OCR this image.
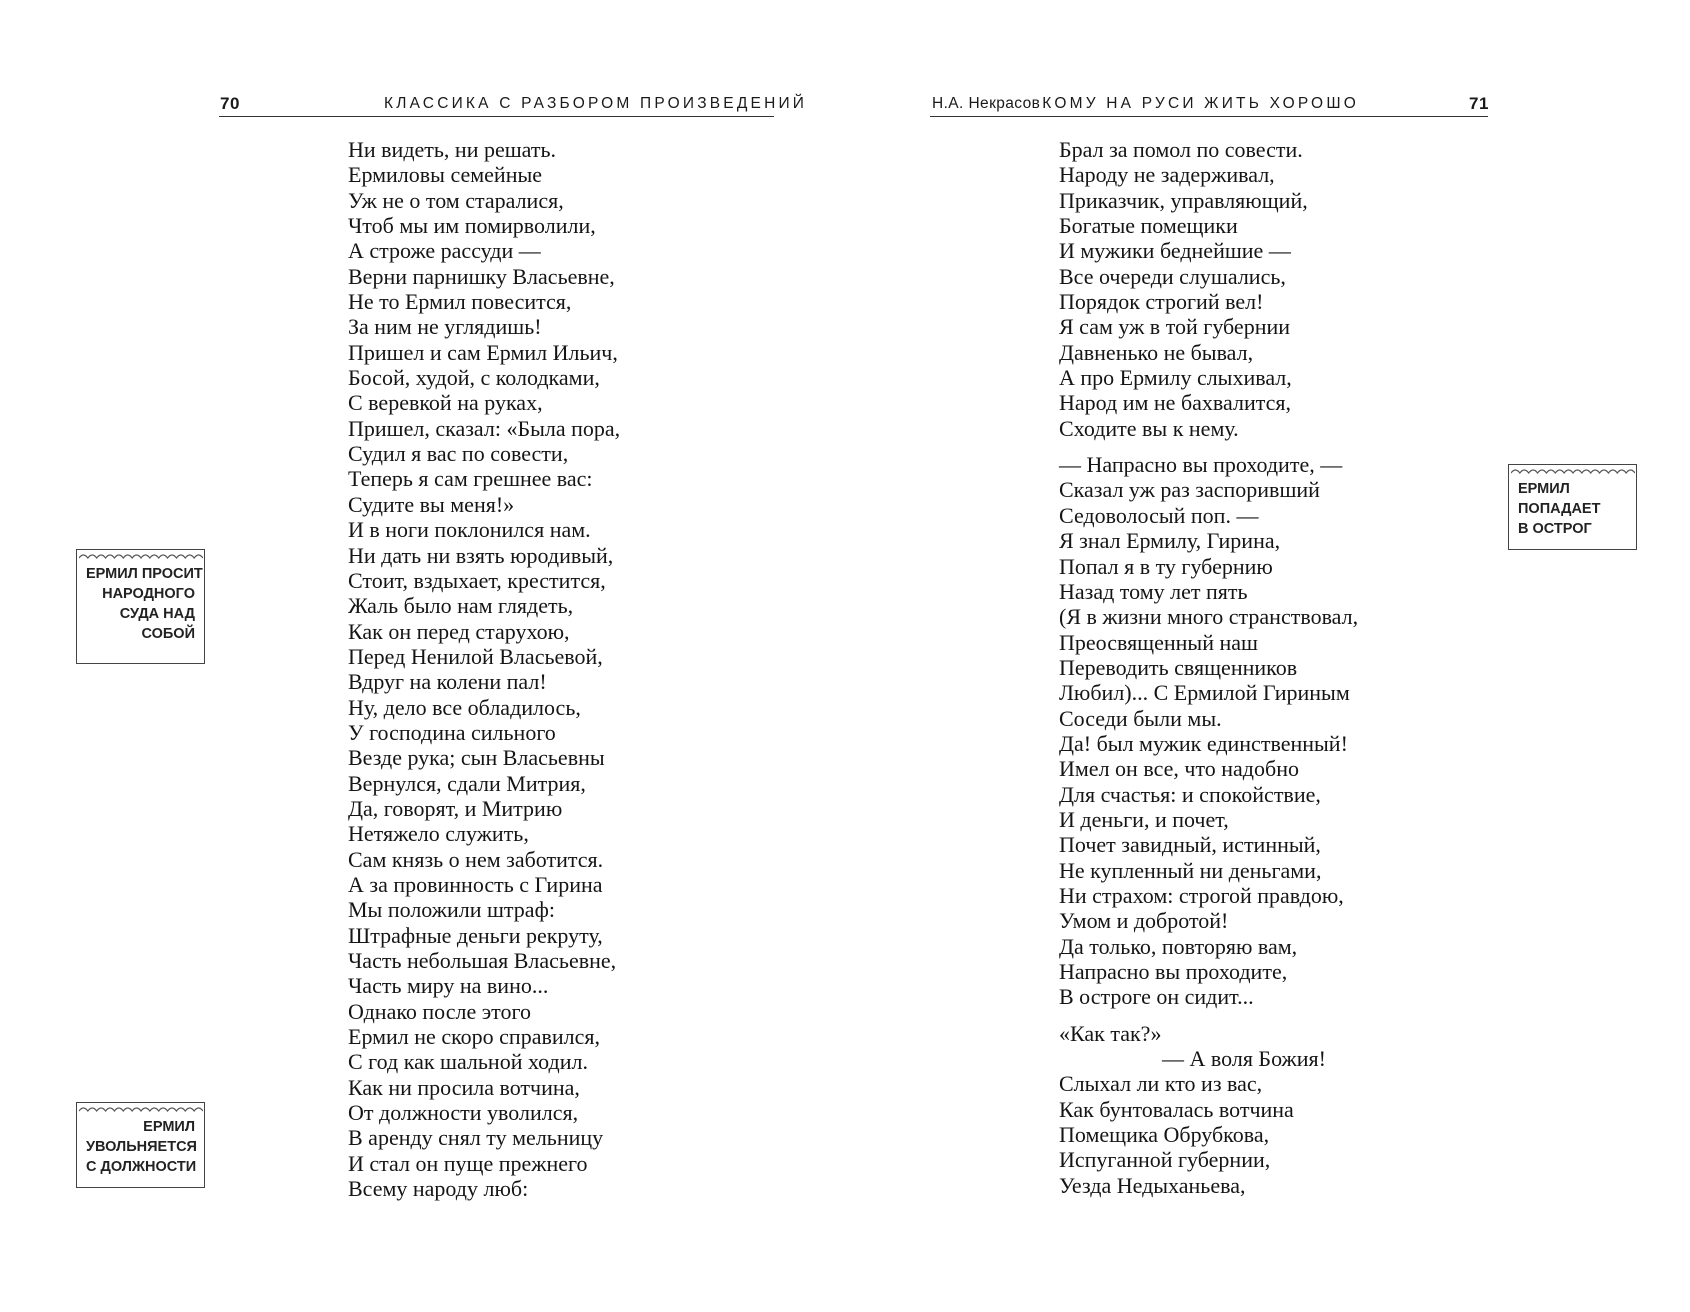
70	КЛАССИКА С РАЗБОРОМ ПРОИЗВЕДЕНИЙ	Н.А. Некрасов КОМУ НА РУСИ ЖИТЬ ХОРОШО	71
Ни видеть, ни решать.
Ермиловы семейные
Уж не о том старалися,
Чтоб мы им помирволили,
А строже рассуди —
Верни парнишку Власьевне,
Не то Ермил повесится,
За ним не углядишь!
Пришел и сам Ермил Ильич,
Босой, худой, с колодками,
С веревкой на руках,
Пришел, сказал: «Была пора,
Судил я вас по совести,
Теперь я сам грешнее вас:
Судите вы меня!»
И в ноги поклонился нам.
Ни дать ни взять юродивый,
Стоит, вздыхает, крестится,
Жаль было нам глядеть,
Как он перед старухою,
Перед Ненилой Власьевой,
Вдруг на колени пал!
Ну, дело все обладилось,
У господина сильного
Везде рука; сын Власьевны
Вернулся, сдали Митрия,
Да, говорят, и Митрию
Нетяжело служить,
Сам князь о нем заботится.
А за провинность с Гирина
Мы положили штраф:
Штрафные деньги рекруту,
Часть небольшая Власьевне,
Часть миру на вино...
Однако после этого
Ермил не скоро справился,
С год как шальной ходил.
Как ни просила вотчина,
От должности уволился,
В аренду снял ту мельницу
И стал он пуще прежнего
Всему народу люб:
Брал за помол по совести.
Народу не задерживал,
Приказчик, управляющий,
Богатые помещики
И мужики беднейшие —
Все очереди слушались,
Порядок строгий вел!
Я сам уж в той губернии
Давненько не бывал,
А про Ермилу слыхивал,
Народ им не бахвалится,
Сходите вы к нему.
— Напрасно вы проходите, —
Сказал уж раз заспоривший
Седоволосый поп. —
Я знал Ермилу, Гирина,
Попал я в ту губернию
Назад тому лет пять
(Я в жизни много странствовал,
Преосвященный наш
Переводить священников
Любил)... С Ермилой Гириным
Соседи были мы.
Да! был мужик единственный!
Имел он все, что надобно
Для счастья: и спокойствие,
И деньги, и почет,
Почет завидный, истинный,
Не купленный ни деньгами,
Ни страхом: строгой правдою,
Умом и добротой!
Да только, повторяю вам,
Напрасно вы проходите,
В остроге он сидит...
«Как так?»
— А воля Божия!
Слыхал ли кто из вас,
Как бунтовалась вотчина
Помещика Обрубкова,
Испуганной губернии,
Уезда Недыханьева,
ЕРМИЛ ПРОСИТ
НАРОДНОГО
СУДА НАД
СОБОЙ
ЕРМИЛ
УВОЛЬНЯЕТСЯ
С ДОЛЖНОСТИ
ЕРМИЛ
ПОПАДАЕТ
В ОСТРОГ
